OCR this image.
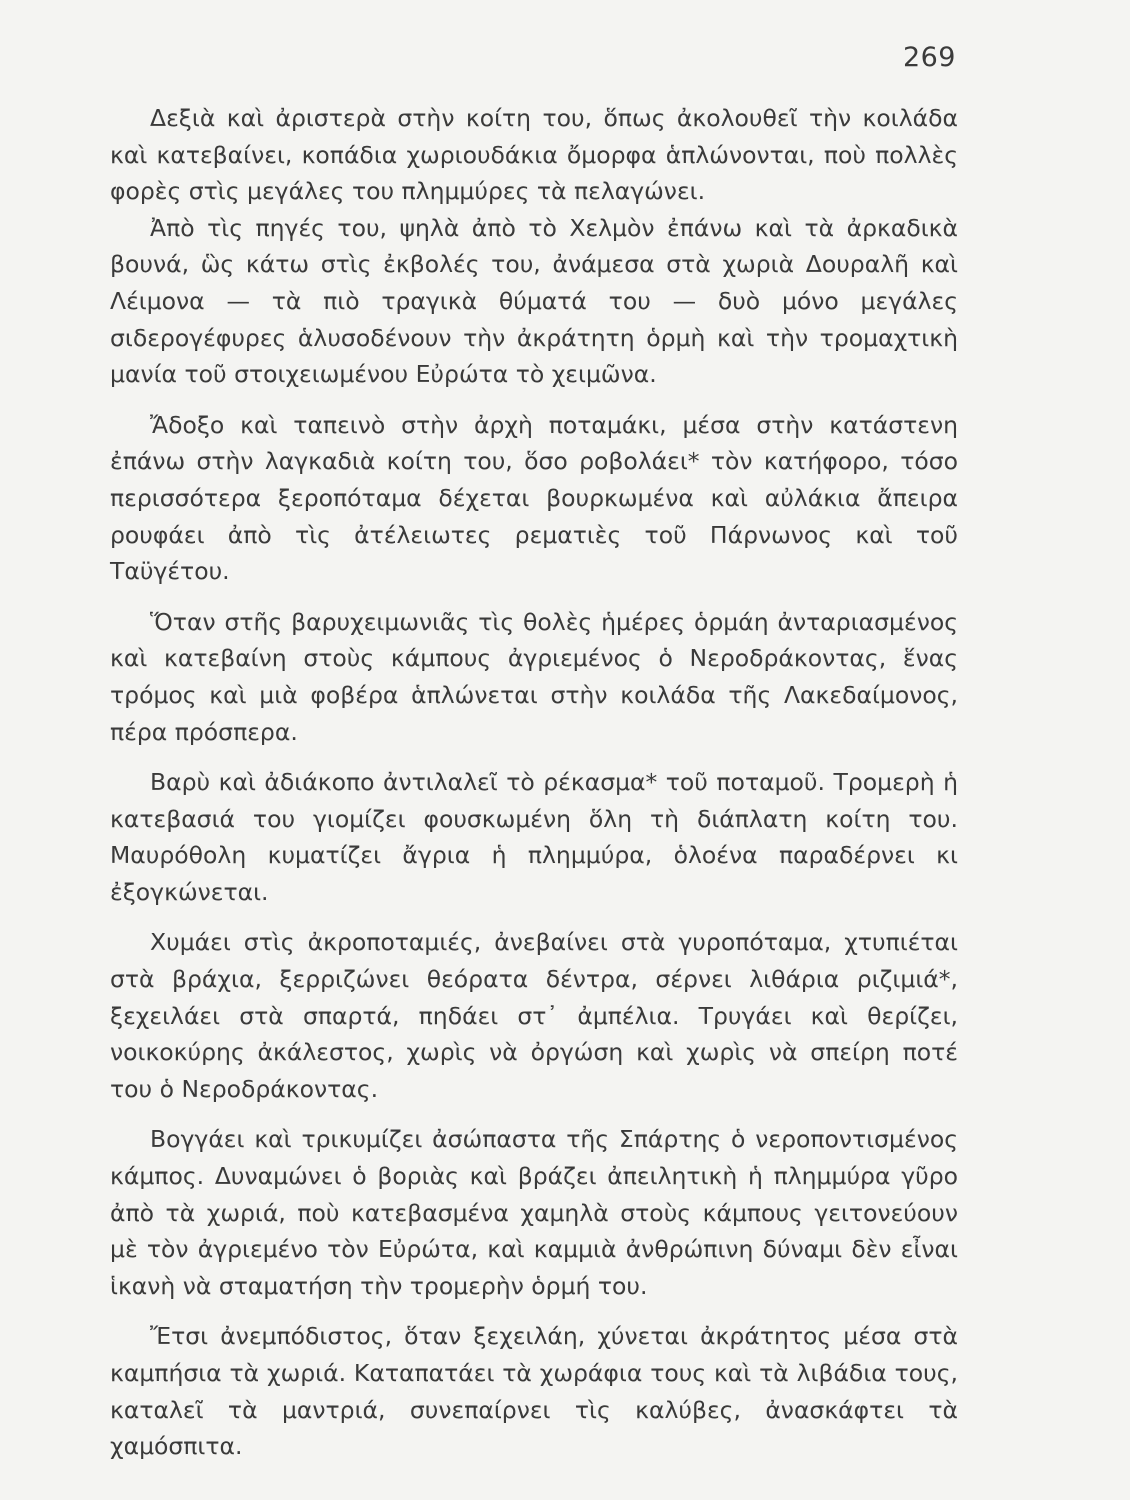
269

Δεξιὰ καὶ ἀριστερὰ στὴν κοίτη του, ὅπως ἀκολουθεῖ τὴν κοιλάδα καὶ κατεβαίνει, κοπάδια χωριουδάκια ὄμορφα ἁπλώνονται, ποὺ πολλὲς φορὲς στὶς μεγάλες του πλημμύρες τὰ πελαγώνει.

Ἀπὸ τὶς πηγές του, ψηλὰ ἀπὸ τὸ Χελμὸν ἐπάνω καὶ τὰ ἀρκαδικὰ βουνά, ὣς κάτω στὶς ἐκβολές του, ἀνάμεσα στὰ χωριὰ Δουραλῆ καὶ Λέιμονα — τὰ πιὸ τραγικὰ θύματά του — δυὸ μόνο μεγάλες σιδερογέφυρες ἁλυσοδένουν τὴν ἀκράτητη ὁρμὴ καὶ τὴν τρομαχτικὴ μανία τοῦ στοιχειωμένου Εὐρώτα τὸ χειμῶνα.

Ἄδοξο καὶ ταπεινὸ στὴν ἀρχὴ ποταμάκι, μέσα στὴν κατάστενη ἐπάνω στὴν λαγκαδιὰ κοίτη του, ὅσο ροβολάει* τὸν κατήφορο, τόσο περισσότερα ξεροπόταμα δέχεται βουρκωμένα καὶ αὐλάκια ἄπειρα ρουφάει ἀπὸ τὶς ἀτέλειωτες ρεματιὲς τοῦ Πάρνωνος καὶ τοῦ Ταϋγέτου.

Ὅταν στῆς βαρυχειμωνιᾶς τὶς θολὲς ἡμέρες ὁρμάη ἀνταριασμένος καὶ κατεβαίνη στοὺς κάμπους ἀγριεμένος ὁ Νεροδράκοντας, ἕνας τρόμος καὶ μιὰ φοβέρα ἁπλώνεται στὴν κοιλάδα τῆς Λακεδαίμονος, πέρα πρόσπερα.

Βαρὺ καὶ ἀδιάκοπο ἀντιλαλεῖ τὸ ρέκασμα* τοῦ ποταμοῦ. Τρομερὴ ἡ κατεβασιά του γιομίζει φουσκωμένη ὅλη τὴ διάπλατη κοίτη του. Μαυρόθολη κυματίζει ἄγρια ἡ πλημμύρα, ὁλοένα παραδέρνει κι ἐξογκώνεται.

Χυμάει στὶς ἀκροποταμιές, ἀνεβαίνει στὰ γυροπόταμα, χτυπιέται στὰ βράχια, ξερριζώνει θεόρατα δέντρα, σέρνει λιθάρια ριζιμιά*, ξεχειλάει στὰ σπαρτά, πηδάει στ᾽ ἀμπέλια. Τρυγάει καὶ θερίζει, νοικοκύρης ἀκάλεστος, χωρὶς νὰ ὀργώση καὶ χωρὶς νὰ σπείρη ποτέ του ὁ Νεροδράκοντας.

Βογγάει καὶ τρικυμίζει ἀσώπαστα τῆς Σπάρτης ὁ νεροποντισμένος κάμπος. Δυναμώνει ὁ βοριὰς καὶ βράζει ἀπειλητικὴ ἡ πλημμύρα γῦρο ἀπὸ τὰ χωριά, ποὺ κατεβασμένα χαμηλὰ στοὺς κάμπους γειτονεύουν μὲ τὸν ἀγριεμένο τὸν Εὐρώτα, καὶ καμμιὰ ἀνθρώπινη δύναμι δὲν εἶναι ἱκανὴ νὰ σταματήση τὴν τρομερὴν ὁρμή του.

Ἔτσι ἀνεμπόδιστος, ὅταν ξεχειλάη, χύνεται ἀκράτητος μέσα στὰ καμπήσια τὰ χωριά. Καταπατάει τὰ χωράφια τους καὶ τὰ λιβάδια τους, καταλεῖ τὰ μαντριά, συνεπαίρνει τὶς καλύβες, ἀνασκάφτει τὰ χαμόσπιτα.
